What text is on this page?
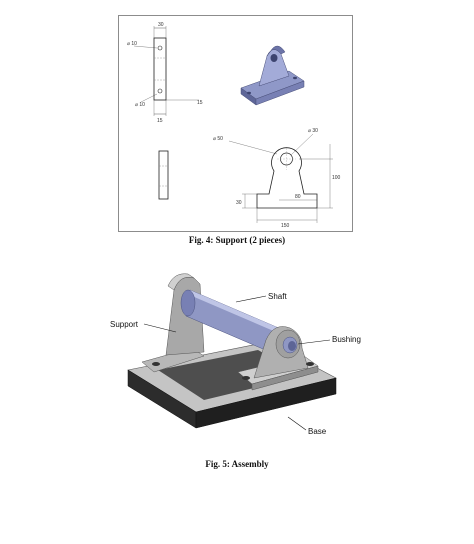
30
⌀ 10
⌀ 10	15
15
⌀ 50
⌀ 30
100
30
80
150
Fig. 4: Support (2 pieces)
Shaft
Support
Bushing
Base
Fig. 5: Assembly
